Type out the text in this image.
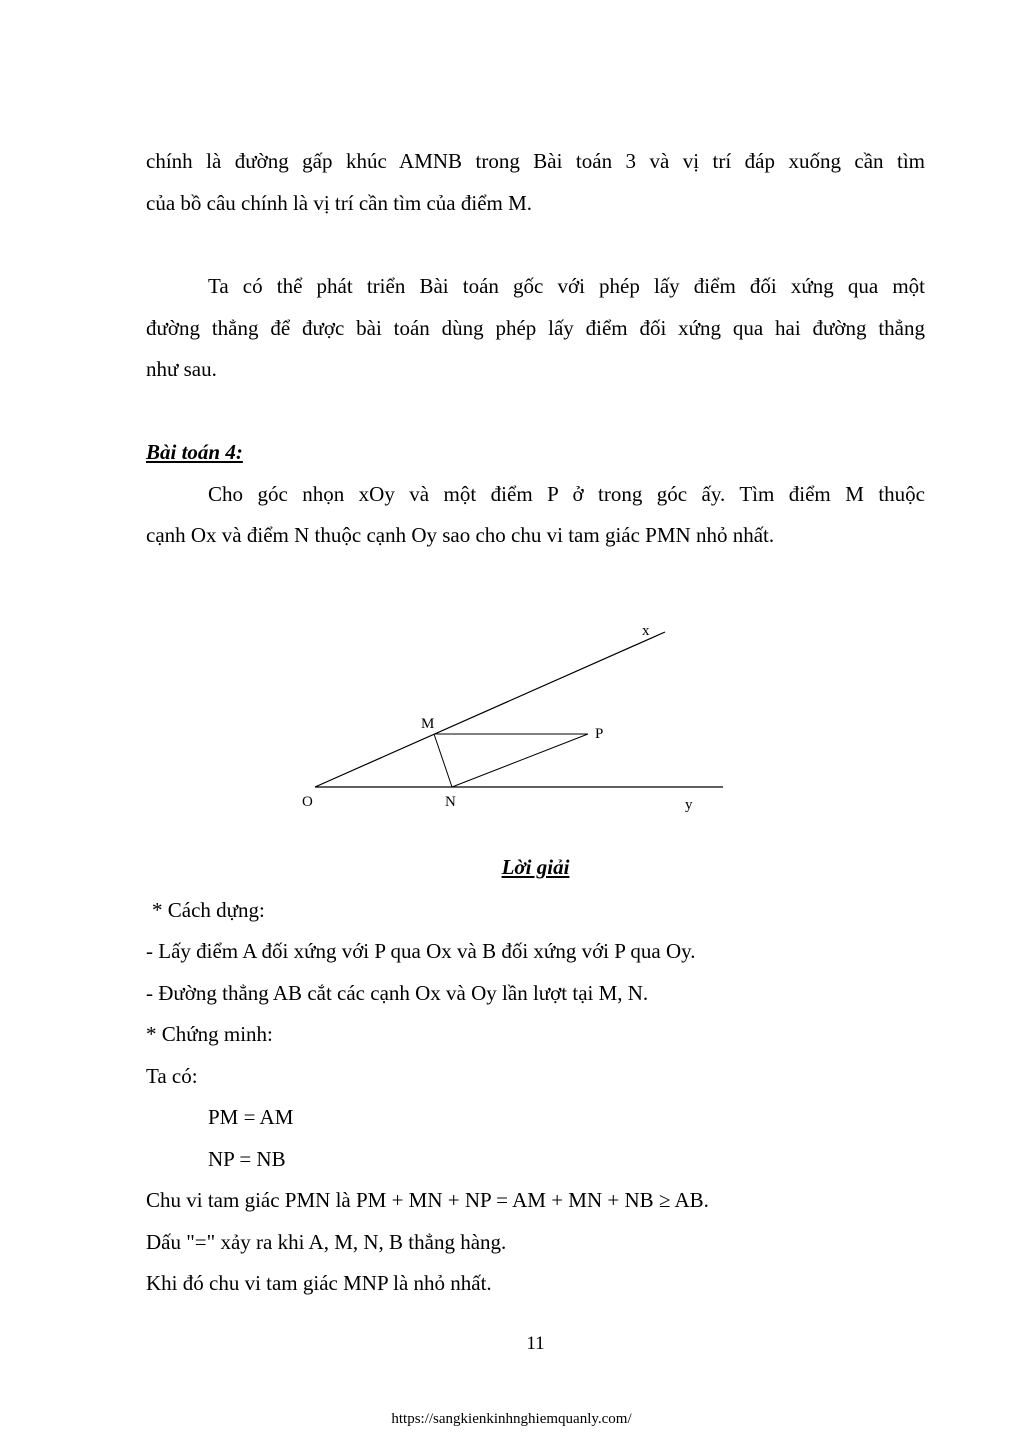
chính là đường gấp khúc AMNB trong Bài toán 3 và vị trí đáp xuống cần tìm
của bồ câu chính là vị trí cần tìm của điểm M.
Ta có thể phát triển Bài toán gốc với phép lấy điểm đối xứng qua một
đường thẳng để được bài toán dùng phép lấy điểm đối xứng qua hai đường thẳng
như sau.
Bài toán 4:
Cho góc nhọn xOy và một điểm P ở trong góc ấy. Tìm điểm M thuộc
cạnh Ox và điểm N thuộc cạnh Oy sao cho chu vi tam giác PMN nhỏ nhất.
x
M
P
O	N	y
Lời giải
* Cách dựng:
- Lấy điểm A đối xứng với P qua Ox và B đối xứng với P qua Oy.
- Đường thẳng AB cắt các cạnh Ox và Oy lần lượt tại M, N.
* Chứng minh:
Ta có:
PM = AM
NP = NB
Chu vi tam giác PMN là PM + MN + NP = AM + MN + NB ≥ AB.
Dấu "=" xảy ra khi A, M, N, B thẳng hàng.
Khi đó chu vi tam giác MNP là nhỏ nhất.
11
https://sangkienkinhnghiemquanly.com/
